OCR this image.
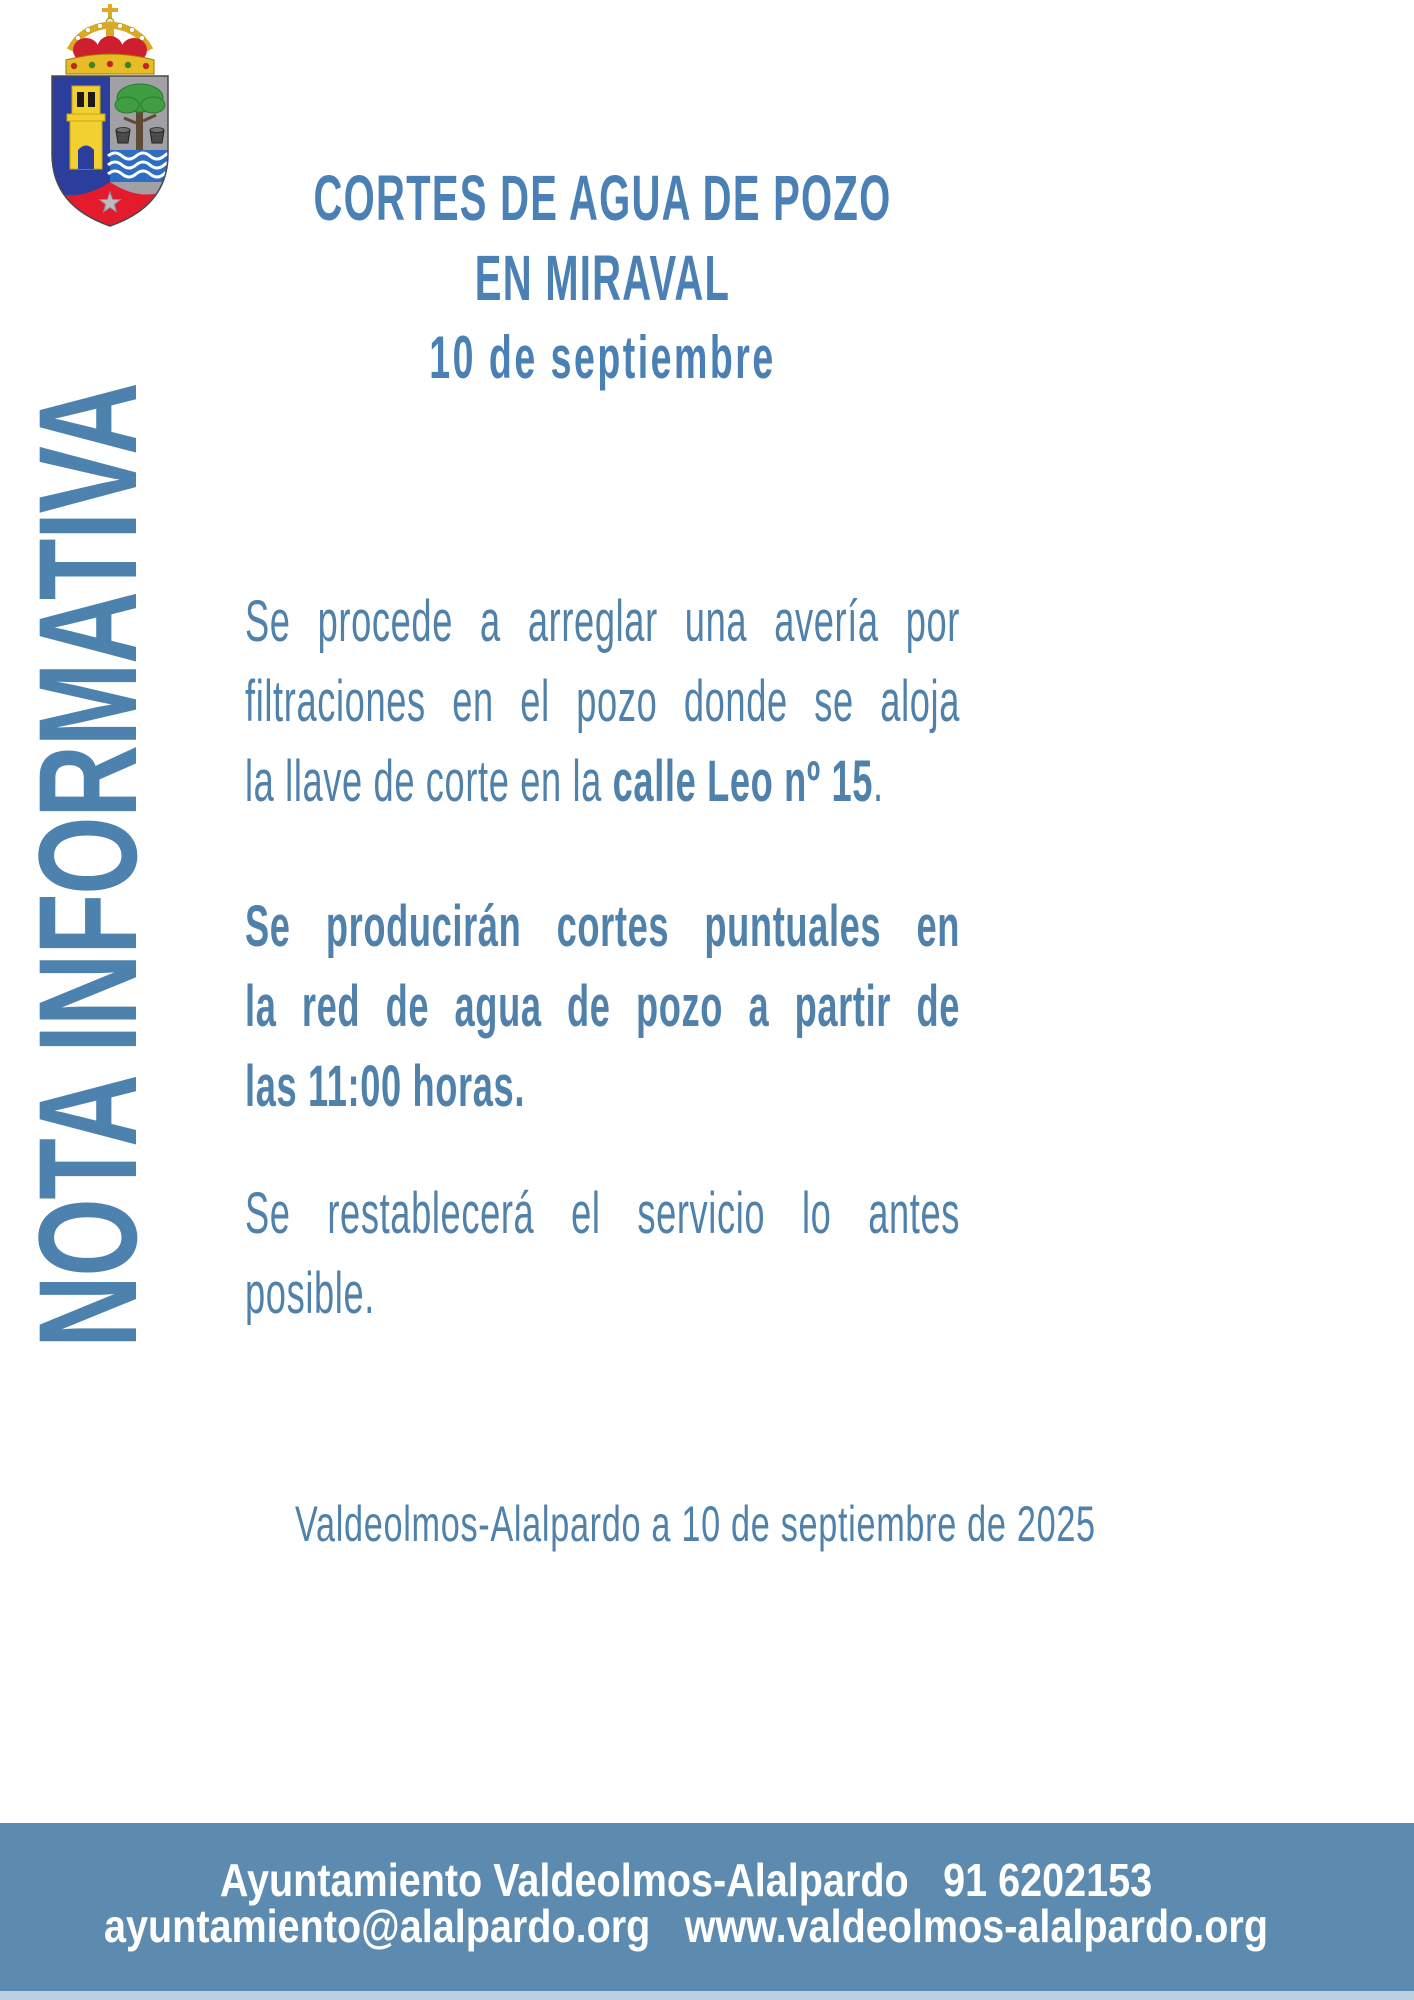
NOTA INFORMATIVA
CORTES DE AGUA DE POZO
EN MIRAVAL
10 de septiembre
Se procede a arreglar una avería por
filtraciones en el pozo donde se aloja
la llave de corte en la calle Leo nº 15.
Se producirán cortes puntuales en
la red de agua de pozo a partir de
las 11:00 horas.
Se restablecerá el servicio lo antes
posible.
Valdeolmos-Alalpardo a 10 de septiembre de 2025
Ayuntamiento Valdeolmos-Alalpardo 91 6202153
ayuntamiento@alalpardo.org www.valdeolmos-alalpardo.org
